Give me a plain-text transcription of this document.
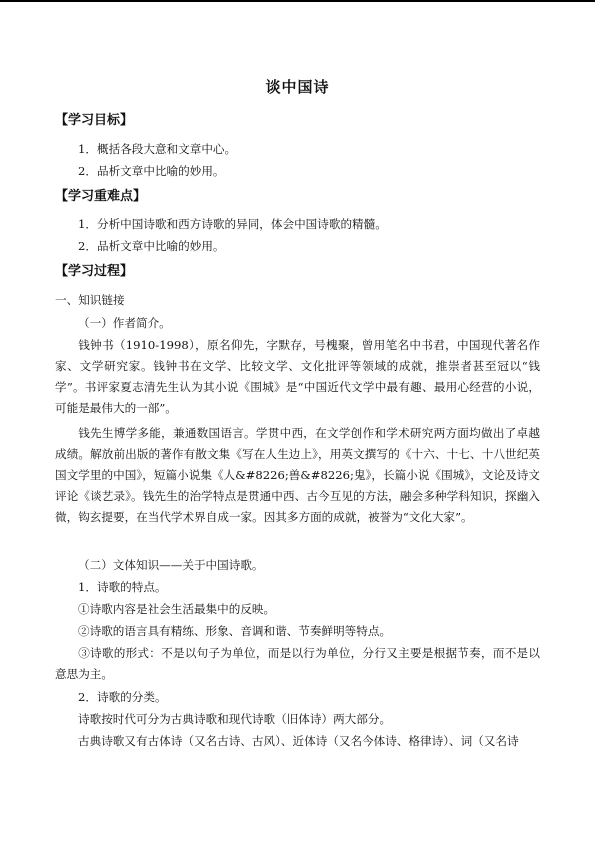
谈中国诗
【学习目标】
1．概括各段大意和文章中心。
2．品析文章中比喻的妙用。
【学习重难点】
1．分析中国诗歌和西方诗歌的异同，体会中国诗歌的精髓。
2．品析文章中比喻的妙用。
【学习过程】
一、知识链接
（一）作者简介。

钱钟书（1910-1998），原名仰先，字默存，号槐聚，曾用笔名中书君，中国现代著名作家、文学研究家。钱钟书在文学、比较文学、文化批评等领域的成就，推崇者甚至冠以“钱学”。书评家夏志清先生认为其小说《围城》是“中国近代文学中最有趣、最用心经营的小说，可能是最伟大的一部”。

钱先生博学多能，兼通数国语言。学贯中西，在文学创作和学术研究两方面均做出了卓越成绩。解放前出版的著作有散文集《写在人生边上》，用英文撰写的《十六、十七、十八世纪英国文学里的中国》，短篇小说集《人&#8226;兽&#8226;鬼》，长篇小说《围城》，文论及诗文评论《谈艺录》。钱先生的治学特点是贯通中西、古今互见的方法，融会多种学科知识，探幽入微，钩玄提要，在当代学术界自成一家。因其多方面的成就，被誉为“文化大家”。

（二）文体知识——关于中国诗歌。
1．诗歌的特点。
①诗歌内容是社会生活最集中的反映。
②诗歌的语言具有精练、形象、音调和谐、节奏鲜明等特点。

③诗歌的形式：不是以句子为单位，而是以行为单位，分行又主要是根据节奏，而不是以意思为主。

2．诗歌的分类。
诗歌按时代可分为古典诗歌和现代诗歌（旧体诗）两大部分。
古典诗歌又有古体诗（又名古诗、古风）、近体诗（又名今体诗、格律诗）、词（又名诗
